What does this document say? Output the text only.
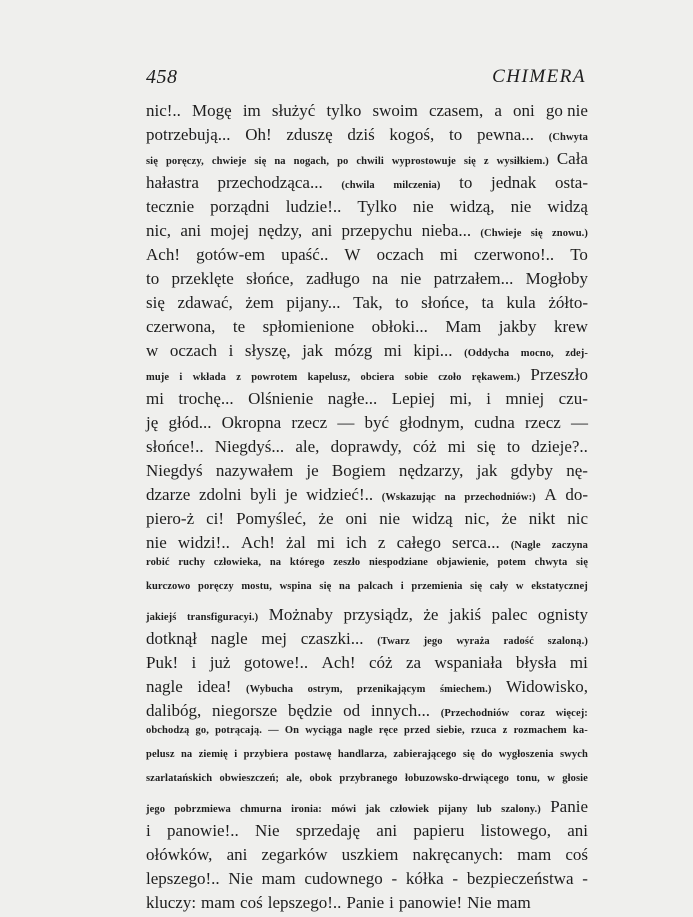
458	CHIMERA
nic!.. Mogę im służyć tylko swoim czasem, a oni go nie
potrzebują... Oh! zduszę dziś kogoś, to pewna... (Chwyta
się poręczy, chwieje się na nogach, po chwili wyprostowuje się z wysiłkiem.) Cała
hałastra przechodząca... (chwila milczenia) to jednak osta-
tecznie porządni ludzie!.. Tylko nie widzą, nie widzą
nic, ani mojej nędzy, ani przepychu nieba... (Chwieje się znowu.)
Ach! gotów-em upaść.. W oczach mi czerwono!.. To
to przeklęte słońce, zadługo na nie patrzałem... Mogłoby
się zdawać, żem pijany... Tak, to słońce, ta kula żółto-
czerwona, te spłomienione obłoki... Mam jakby krew
w oczach i słyszę, jak mózg mi kipi... (Oddycha mocno, zdej-
muje i wkłada z powrotem kapelusz, obciera sobie czoło rękawem.) Przeszło
mi trochę... Olśnienie nagłe... Lepiej mi, i mniej czu-
ję głód... Okropna rzecz — być głodnym, cudna rzecz —
słońce!.. Niegdyś... ale, doprawdy, cóż mi się to dzieje?..
Niegdyś nazywałem je Bogiem nędzarzy, jak gdyby nę-
dzarze zdolni byli je widzieć!.. (Wskazując na przechodniów:) A do-
piero-ż ci! Pomyśleć, że oni nie widzą nic, że nikt nic
nie widzi!.. Ach! żal mi ich z całego serca... (Nagle zaczyna
robić ruchy człowieka, na którego zeszło niespodziane objawienie, potem chwyta się
kurczowo poręczy mostu, wspina się na palcach i przemienia się cały w ekstatycznej
jakiejś transfiguracyi.) Możnaby przysiądz, że jakiś palec ognisty
dotknął nagle mej czaszki... (Twarz jego wyraża radość szaloną.)
Puk! i już gotowe!.. Ach! cóż za wspaniała błysła mi
nagle idea! (Wybucha ostrym, przenikającym śmiechem.) Widowisko,
dalibóg, niegorsze będzie od innych... (Przechodniów coraz więcej:
obchodzą go, potrącają. — On wyciąga nagle ręce przed siebie, rzuca z rozmachem ka-
pelusz na ziemię i przybiera postawę handlarza, zabierającego się do wygłoszenia swych
szarlatańskich obwieszczeń; ale, obok przybranego łobuzowsko-drwiącego tonu, w głosie
jego pobrzmiewa chmurna ironia: mówi jak człowiek pijany lub szalony.) Panie
i panowie!.. Nie sprzedaję ani papieru listowego, ani
ołówków, ani zegarków uszkiem nakręcanych: mam coś
lepszego!.. Nie mam cudownego - kółka - bezpieczeństwa -
kluczy: mam coś lepszego!.. Panie i panowie! Nie mam
